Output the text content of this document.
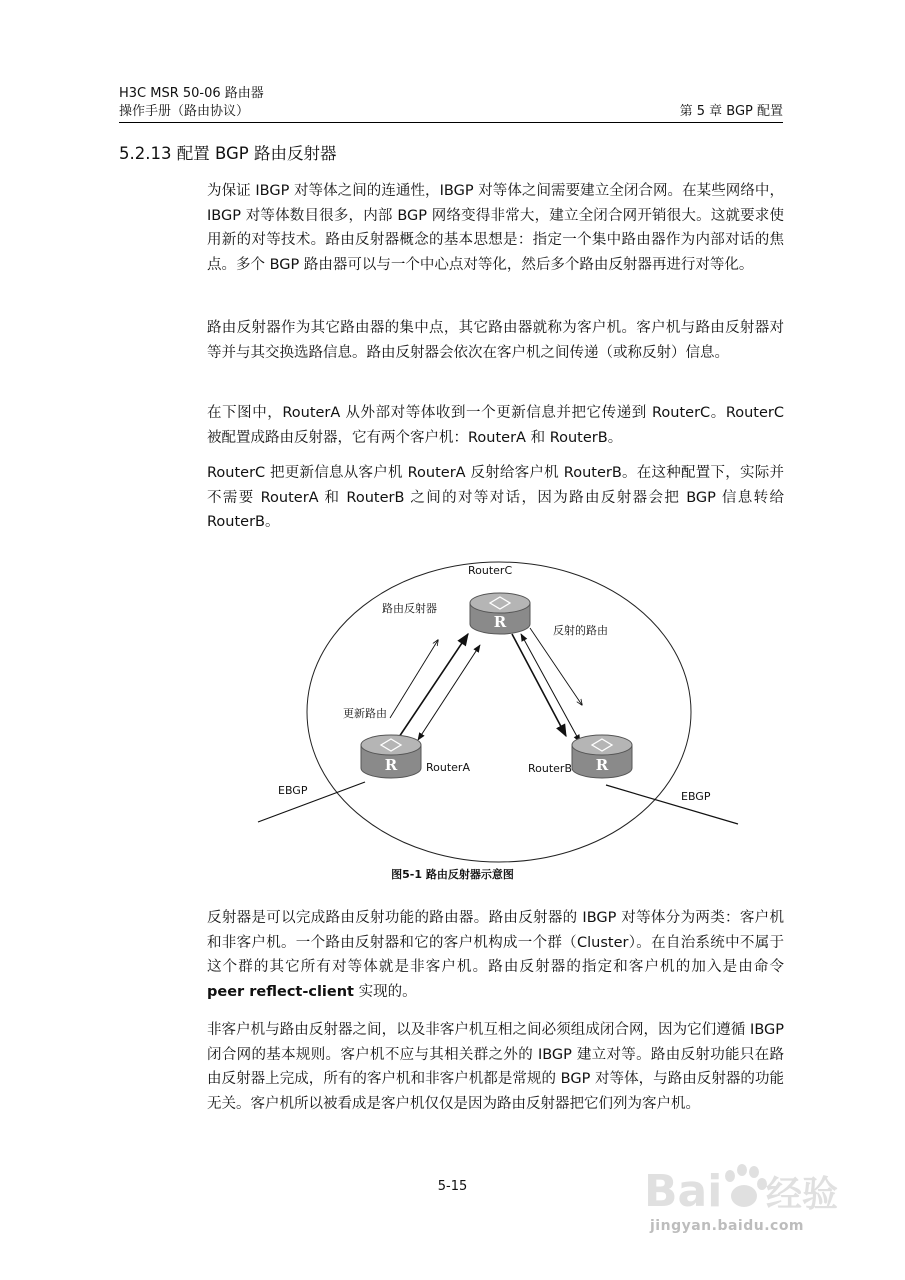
H3C MSR 50-06 路由器
操作手册（路由协议）	第 5 章 BGP 配置
5.2.13 配置 BGP 路由反射器

为保证 IBGP 对等体之间的连通性，IBGP 对等体之间需要建立全闭合网。在某些网络中，IBGP 对等体数目很多，内部 BGP 网络变得非常大，建立全闭合网开销很大。这就要求使用新的对等技术。路由反射器概念的基本思想是：指定一个集中路由器作为内部对话的焦点。多个 BGP 路由器可以与一个中心点对等化，然后多个路由反射器再进行对等化。

路由反射器作为其它路由器的集中点，其它路由器就称为客户机。客户机与路由反射器对等并与其交换选路信息。路由反射器会依次在客户机之间传递（或称反射）信息。

在下图中，RouterA 从外部对等体收到一个更新信息并把它传递到 RouterC。RouterC 被配置成路由反射器，它有两个客户机：RouterA 和 RouterB。

RouterC 把更新信息从客户机 RouterA 反射给客户机 RouterB。在这种配置下，实际并不需要 RouterA 和 RouterB 之间的对等对话，因为路由反射器会把 BGP 信息转给 RouterB。

R
R	R
RouterC
RouterA	RouterB
路由反射器
反射的路由
更新路由
EBGP	EBGP
图5-1 路由反射器示意图

反射器是可以完成路由反射功能的路由器。路由反射器的 IBGP 对等体分为两类：客户机和非客户机。一个路由反射器和它的客户机构成一个群（Cluster）。在自治系统中不属于这个群的其它所有对等体就是非客户机。路由反射器的指定和客户机的加入是由命令 peer reflect-client 实现的。

非客户机与路由反射器之间，以及非客户机互相之间必须组成闭合网，因为它们遵循 IBGP 闭合网的基本规则。客户机不应与其相关群之外的 IBGP 建立对等。路由反射功能只在路由反射器上完成，所有的客户机和非客户机都是常规的 BGP 对等体，与路由反射器的功能无关。客户机所以被看成是客户机仅仅是因为路由反射器把它们列为客户机。

5-15	Bai 经验
jingyan.baidu.com
